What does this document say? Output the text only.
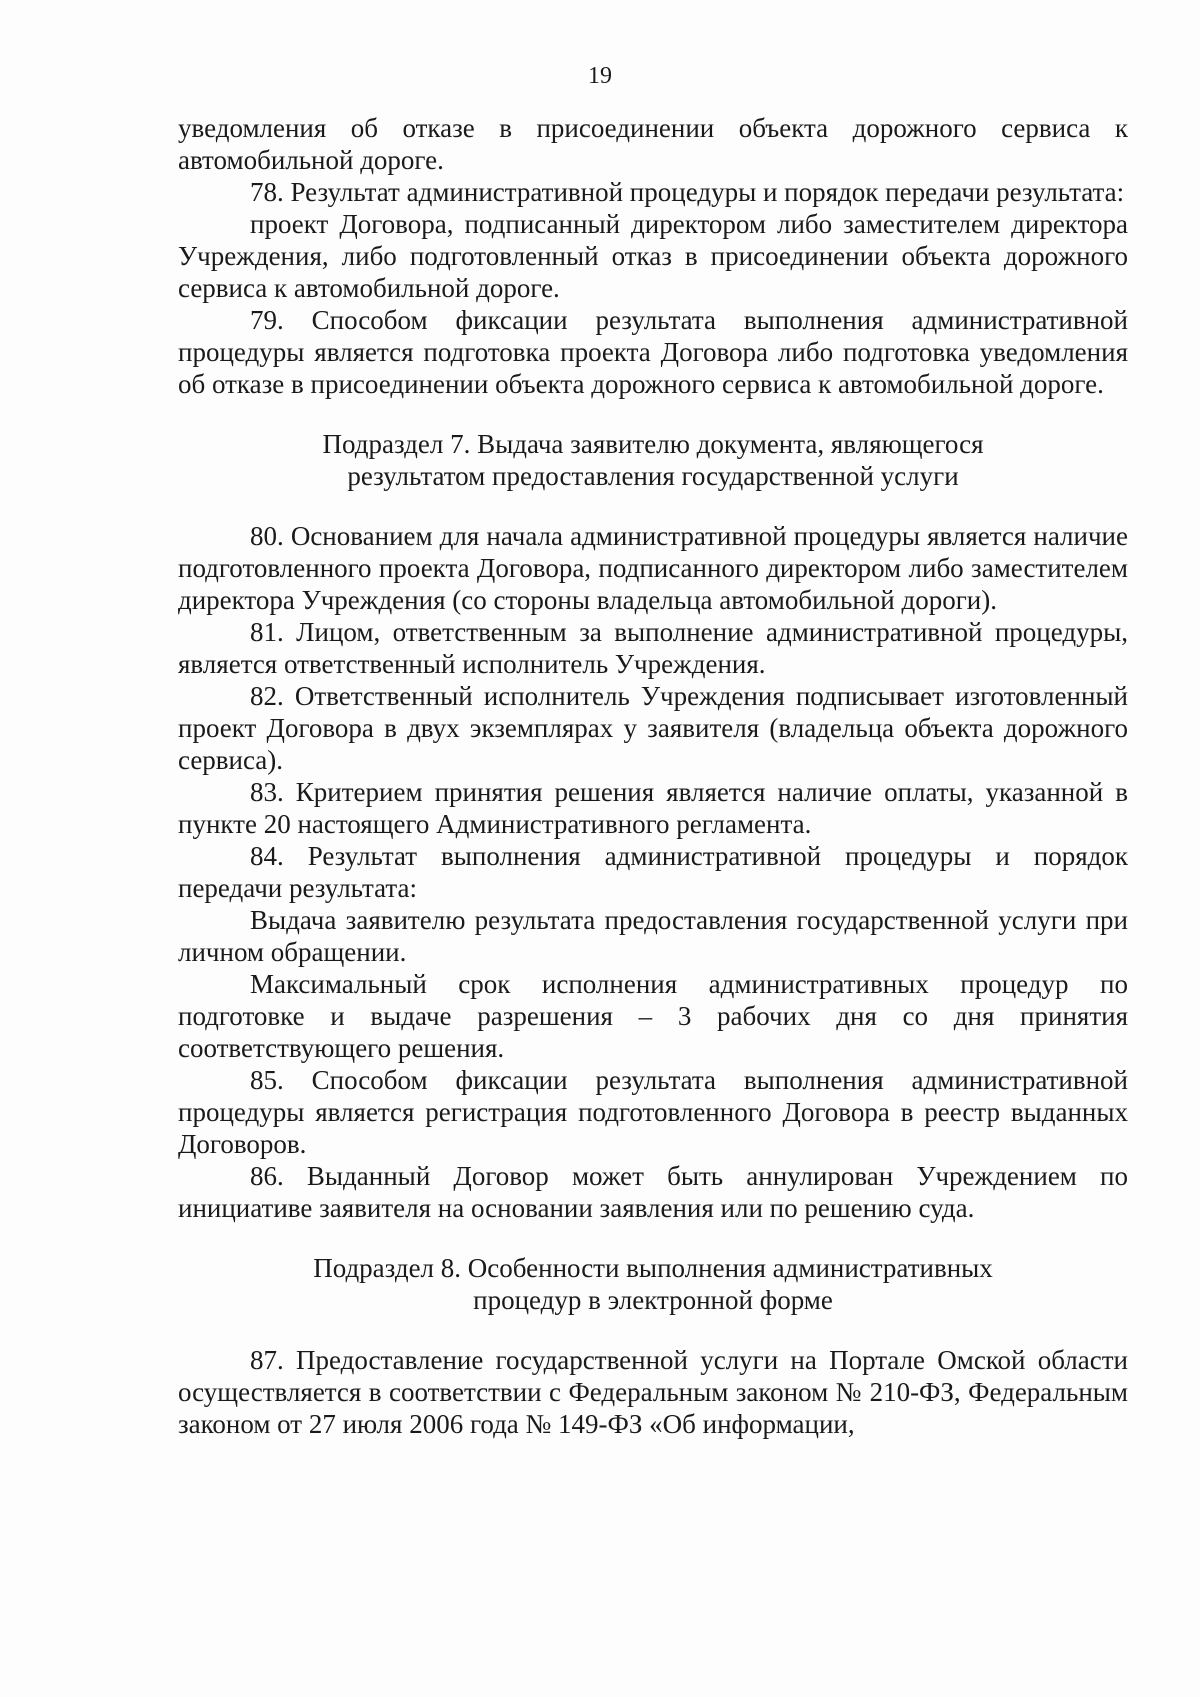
19

уведомления об отказе в присоединении объекта дорожного сервиса к автомобильной дороге.

78. Результат административной процедуры и порядок передачи результата:

проект Договора, подписанный директором либо заместителем директора Учреждения, либо подготовленный отказ в присоединении объекта дорожного сервиса к автомобильной дороге.

79. Способом фиксации результата выполнения административной процедуры является подготовка проекта Договора либо подготовка уведомления об отказе в присоединении объекта дорожного сервиса к автомобильной дороге.

Подраздел 7. Выдача заявителю документа, являющегося

результатом предоставления государственной услуги

80. Основанием для начала административной процедуры является наличие подготовленного проекта Договора, подписанного директором либо заместителем директора Учреждения (со стороны владельца автомобильной дороги).

81. Лицом, ответственным за выполнение административной процедуры, является ответственный исполнитель Учреждения.

82. Ответственный исполнитель Учреждения подписывает изготовленный проект Договора в двух экземплярах у заявителя (владельца объекта дорожного сервиса).

83. Критерием принятия решения является наличие оплаты, указанной в пункте 20 настоящего Административного регламента.

84. Результат выполнения административной процедуры и порядок передачи результата:

Выдача заявителю результата предоставления государственной услуги при личном обращении.

Максимальный срок исполнения административных процедур по подготовке и выдаче разрешения – 3 рабочих дня со дня принятия соответствующего решения.

85. Способом фиксации результата выполнения административной процедуры является регистрация подготовленного Договора в реестр выданных Договоров.

86. Выданный Договор может быть аннулирован Учреждением по инициативе заявителя на основании заявления или по решению суда.

Подраздел 8. Особенности выполнения административных

процедур в электронной форме

87. Предоставление государственной услуги на Портале Омской области осуществляется в соответствии с Федеральным законом № 210-ФЗ, Федеральным законом от 27 июля 2006 года № 149-ФЗ «Об информации,
